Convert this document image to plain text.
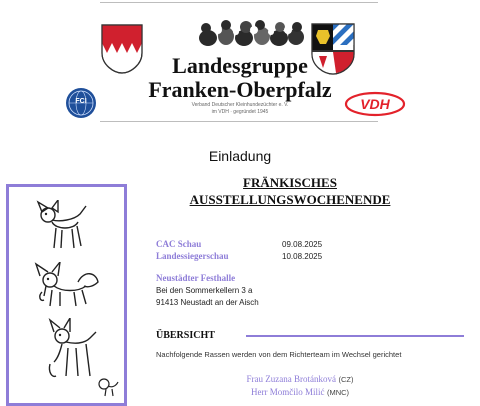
Landesgruppe
Franken-Oberpfalz
FCI	Verband Deutscher Kleinhundezüchter e. V.
im VDH · gegründet 1945	VDH
Einladung
FRÄNKISCHES
AUSSTELLUNGSWOCHENENDE
CAC Schau	09.08.2025
Landessiegerschau	10.08.2025
Neustädter Festhalle
Bei den Sommerkellern 3 a
91413 Neustadt an der Aisch
ÜBERSICHT
Nachfolgende Rassen werden von dem Richterteam im Wechsel gerichtet
Frau Zuzana Brotánková (CZ)
Herr Momčilo Milić (MNC)
